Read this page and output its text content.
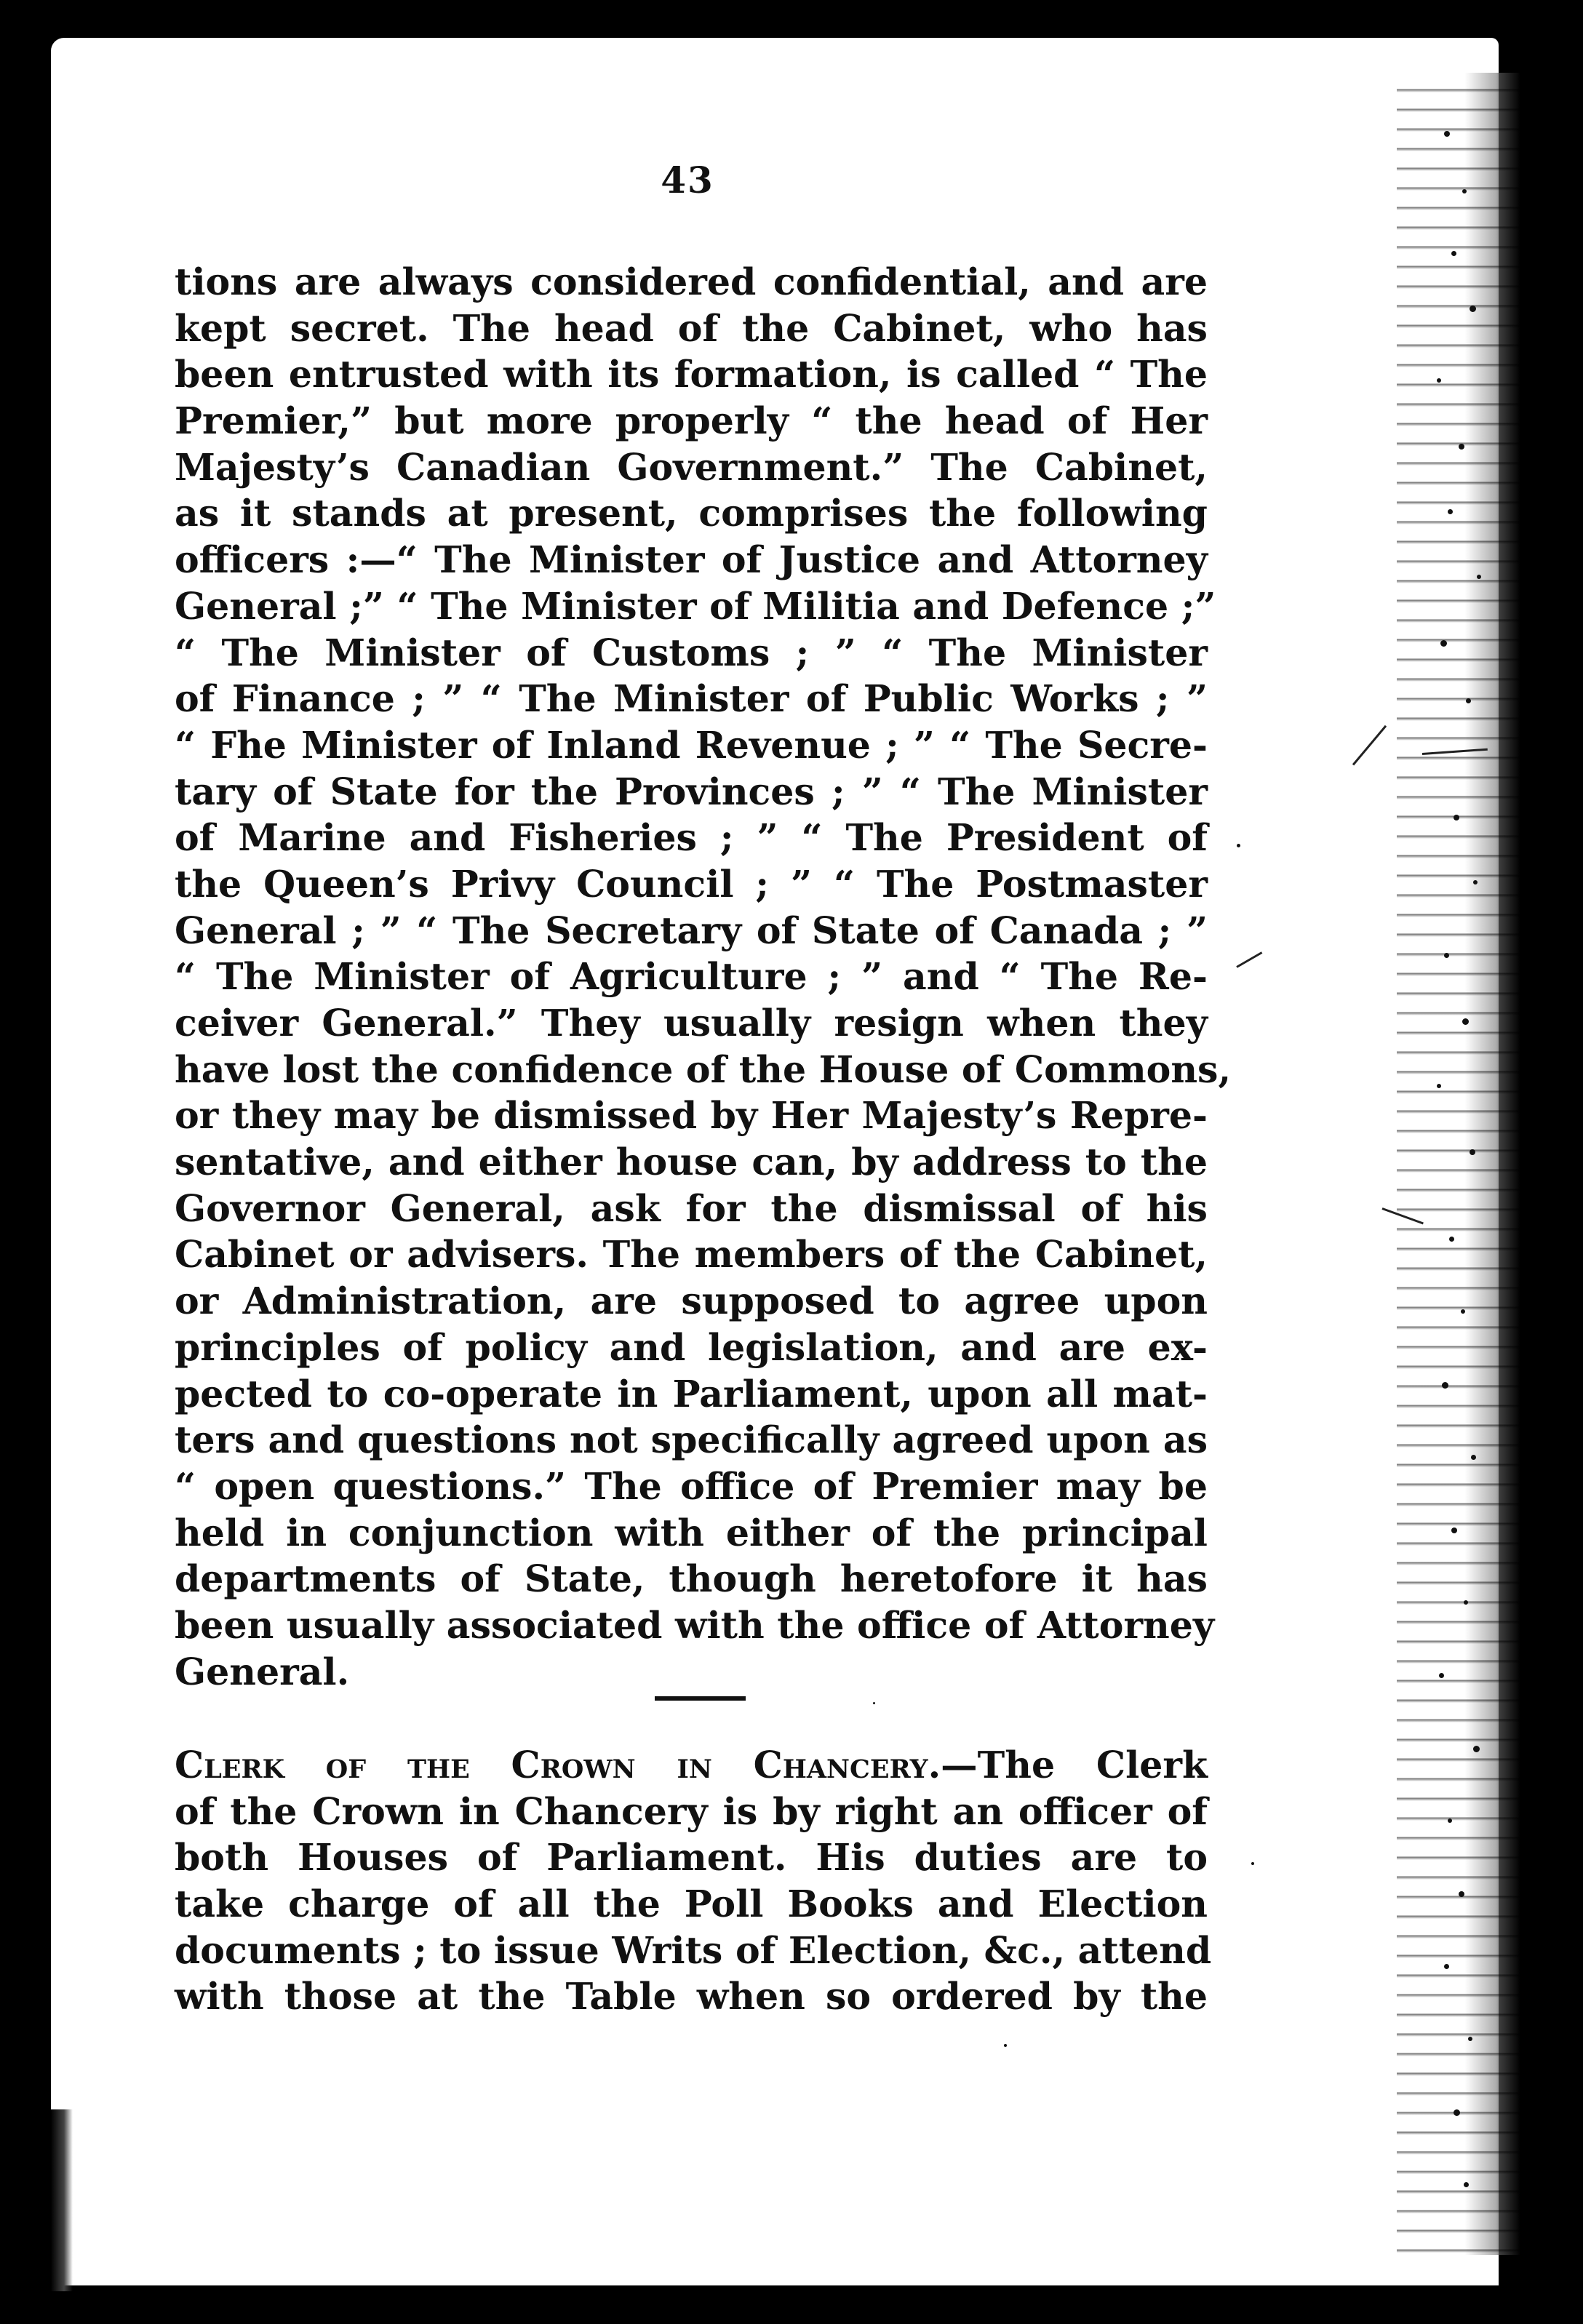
43
tions are always considered confidential, and are
kept secret. The head of the Cabinet, who has
been entrusted with its formation, is called “ The
Premier,” but more properly “ the head of Her
Majesty’s Canadian Government.” The Cabinet,
as it stands at present, comprises the following
officers :—“ The Minister of Justice and Attorney
General ;” “ The Minister of Militia and Defence ;”
“ The Minister of Customs ; ” “ The Minister
of Finance ; ” “ The Minister of Public Works ; ”
“ Fhe Minister of Inland Revenue ; ” “ The Secre-
tary of State for the Provinces ; ” “ The Minister
of Marine and Fisheries ; ” “ The President of
the Queen’s Privy Council ; ” “ The Postmaster
General ; ” “ The Secretary of State of Canada ; ”
“ The Minister of Agriculture ; ” and “ The Re-
ceiver General.” They usually resign when they
have lost the confidence of the House of Commons,
or they may be dismissed by Her Majesty’s Repre-
sentative, and either house can, by address to the
Governor General, ask for the dismissal of his
Cabinet or advisers. The members of the Cabinet,
or Administration, are supposed to agree upon
principles of policy and legislation, and are ex-
pected to co-operate in Parliament, upon all mat-
ters and questions not specifically agreed upon as
“ open questions.” The office of Premier may be
held in conjunction with either of the principal
departments of State, though heretofore it has
been usually associated with the office of Attorney
General.
Clerk of the Crown in Chancery.—The Clerk
of the Crown in Chancery is by right an officer of
both Houses of Parliament. His duties are to
take charge of all the Poll Books and Election
documents ; to issue Writs of Election, &c., attend
with those at the Table when so ordered by the
